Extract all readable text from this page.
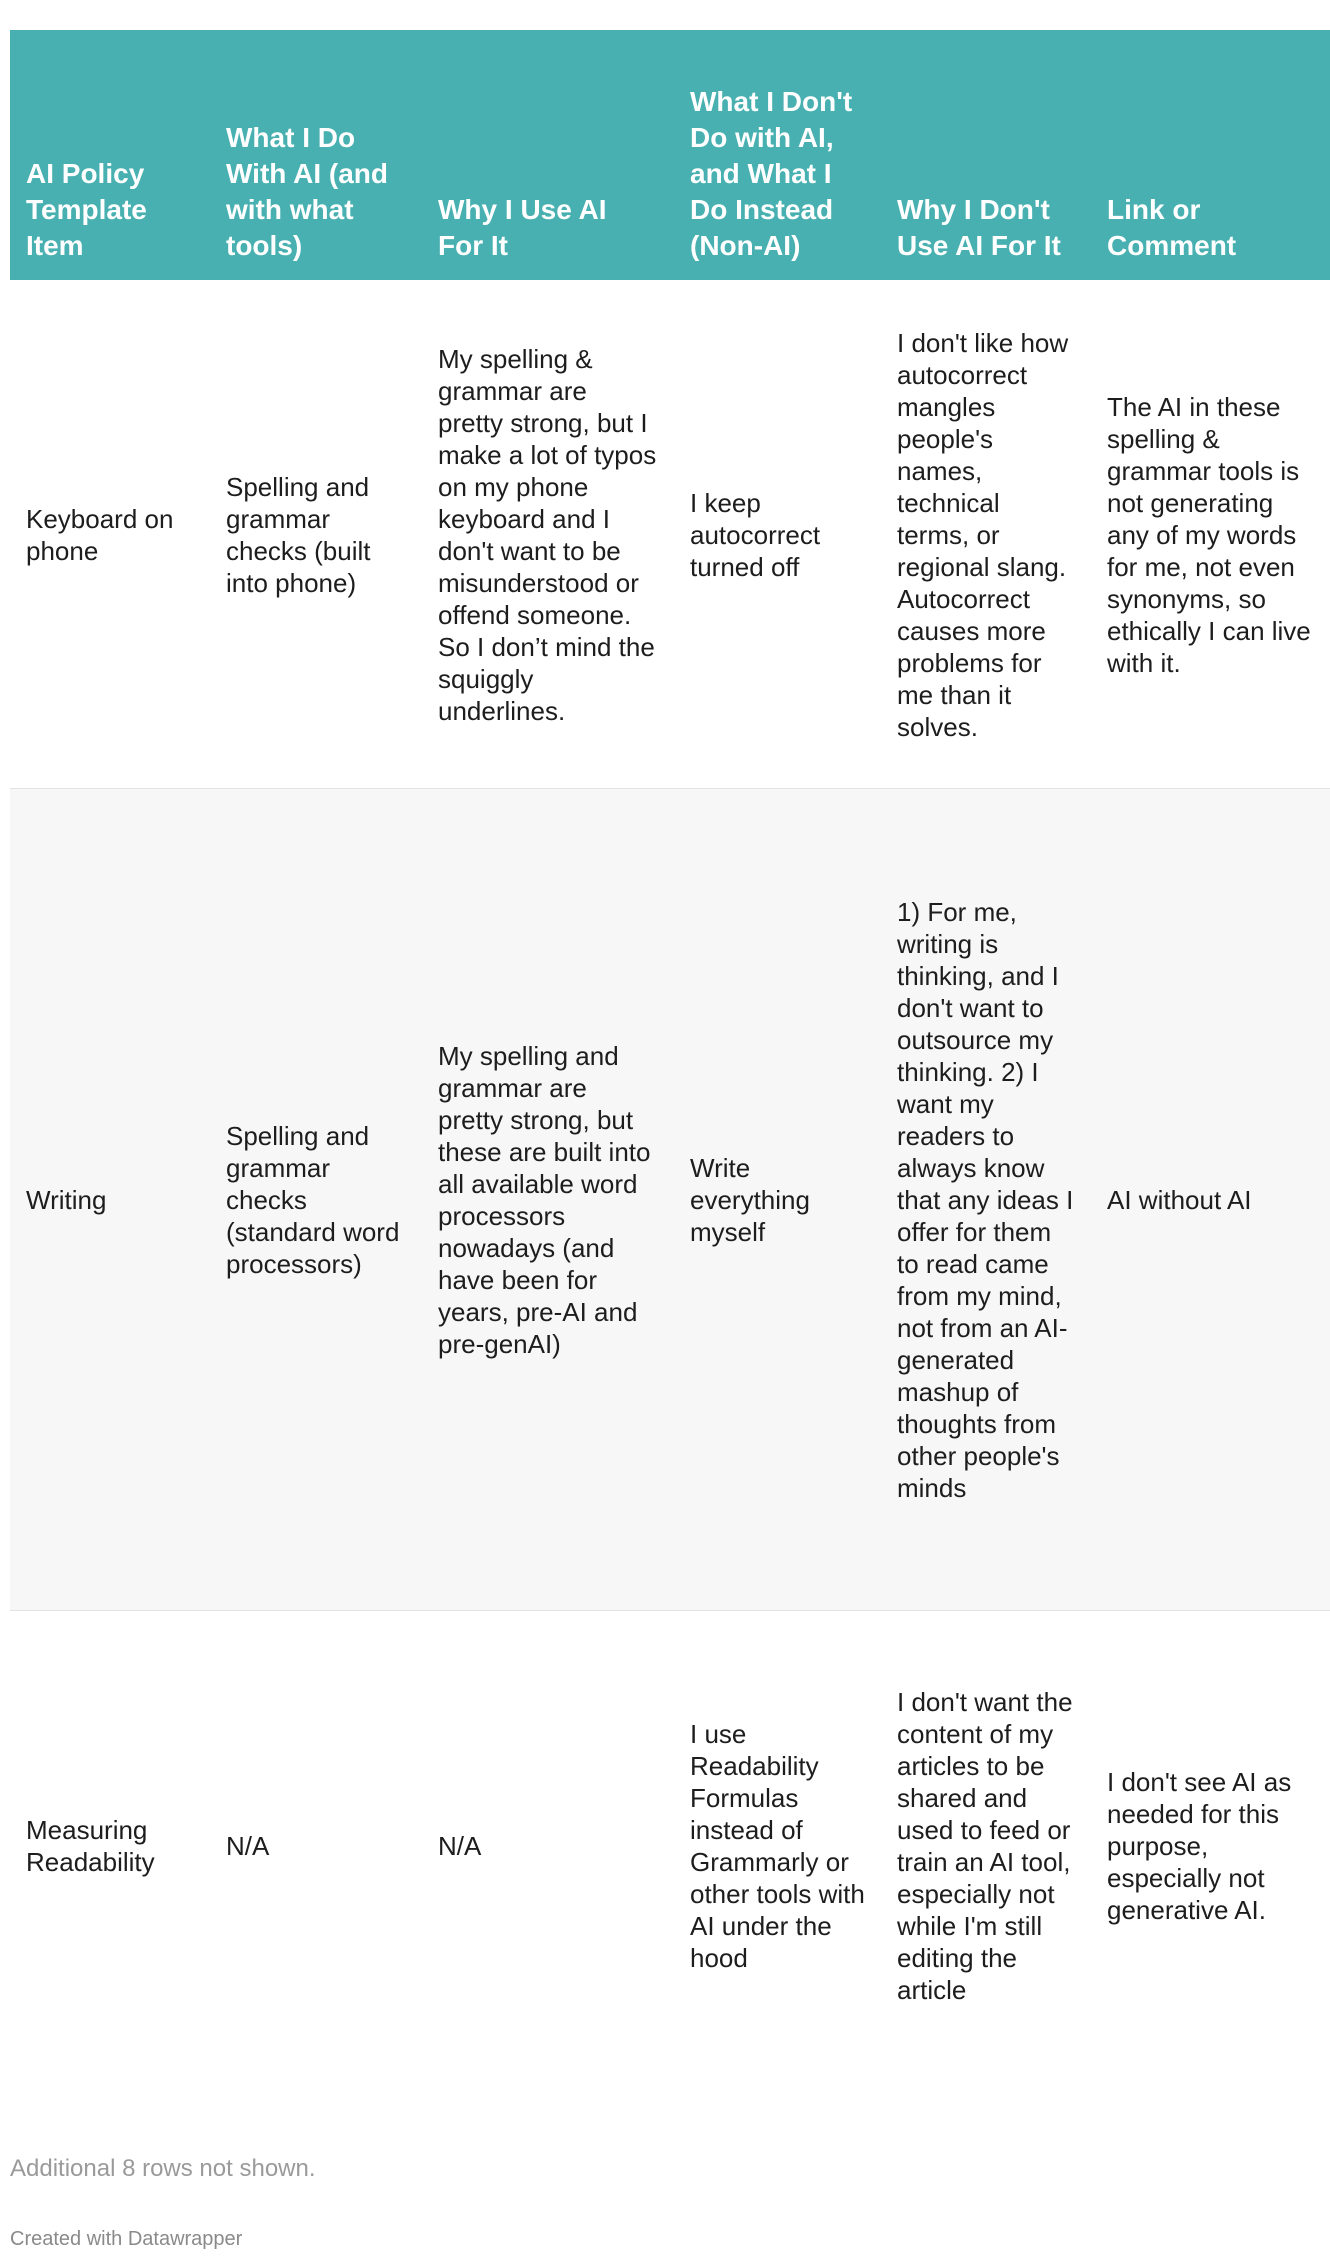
AI Policy Template Item	What I Do With AI (and with what tools)	Why I Use AI For It	What I Don't Do with AI, and What I Do Instead (Non-AI)	Why I Don't Use AI For It	Link or Comment
Keyboard on phone	Spelling and grammar checks (built into phone)	My spelling & grammar are pretty strong, but I make a lot of typos on my phone keyboard and I don't want to be misunderstood or offend someone. So I don’t mind the squiggly underlines.	I keep autocorrect turned off	I don't like how autocorrect mangles people's names, technical terms, or regional slang. Autocorrect causes more problems for me than it solves.	The AI in these spelling & grammar tools is not generating any of my words for me, not even synonyms, so ethically I can live with it.
Writing	Spelling and grammar checks (standard word processors)	My spelling and grammar are pretty strong, but these are built into all available word processors nowadays (and have been for years, pre-AI and pre-genAI)	Write everything myself	1) For me, writing is thinking, and I don't want to outsource my thinking. 2) I want my readers to always know that any ideas I offer for them to read came from my mind, not from an AI-generated mashup of thoughts from other people's minds	AI without AI
Measuring Readability	N/A	N/A	I use Readability Formulas instead of Grammarly or other tools with AI under the hood	I don't want the content of my articles to be shared and used to feed or train an AI tool, especially not while I'm still editing the article	I don't see AI as needed for this purpose, especially not generative AI.
Additional 8 rows not shown.
Created with Datawrapper
